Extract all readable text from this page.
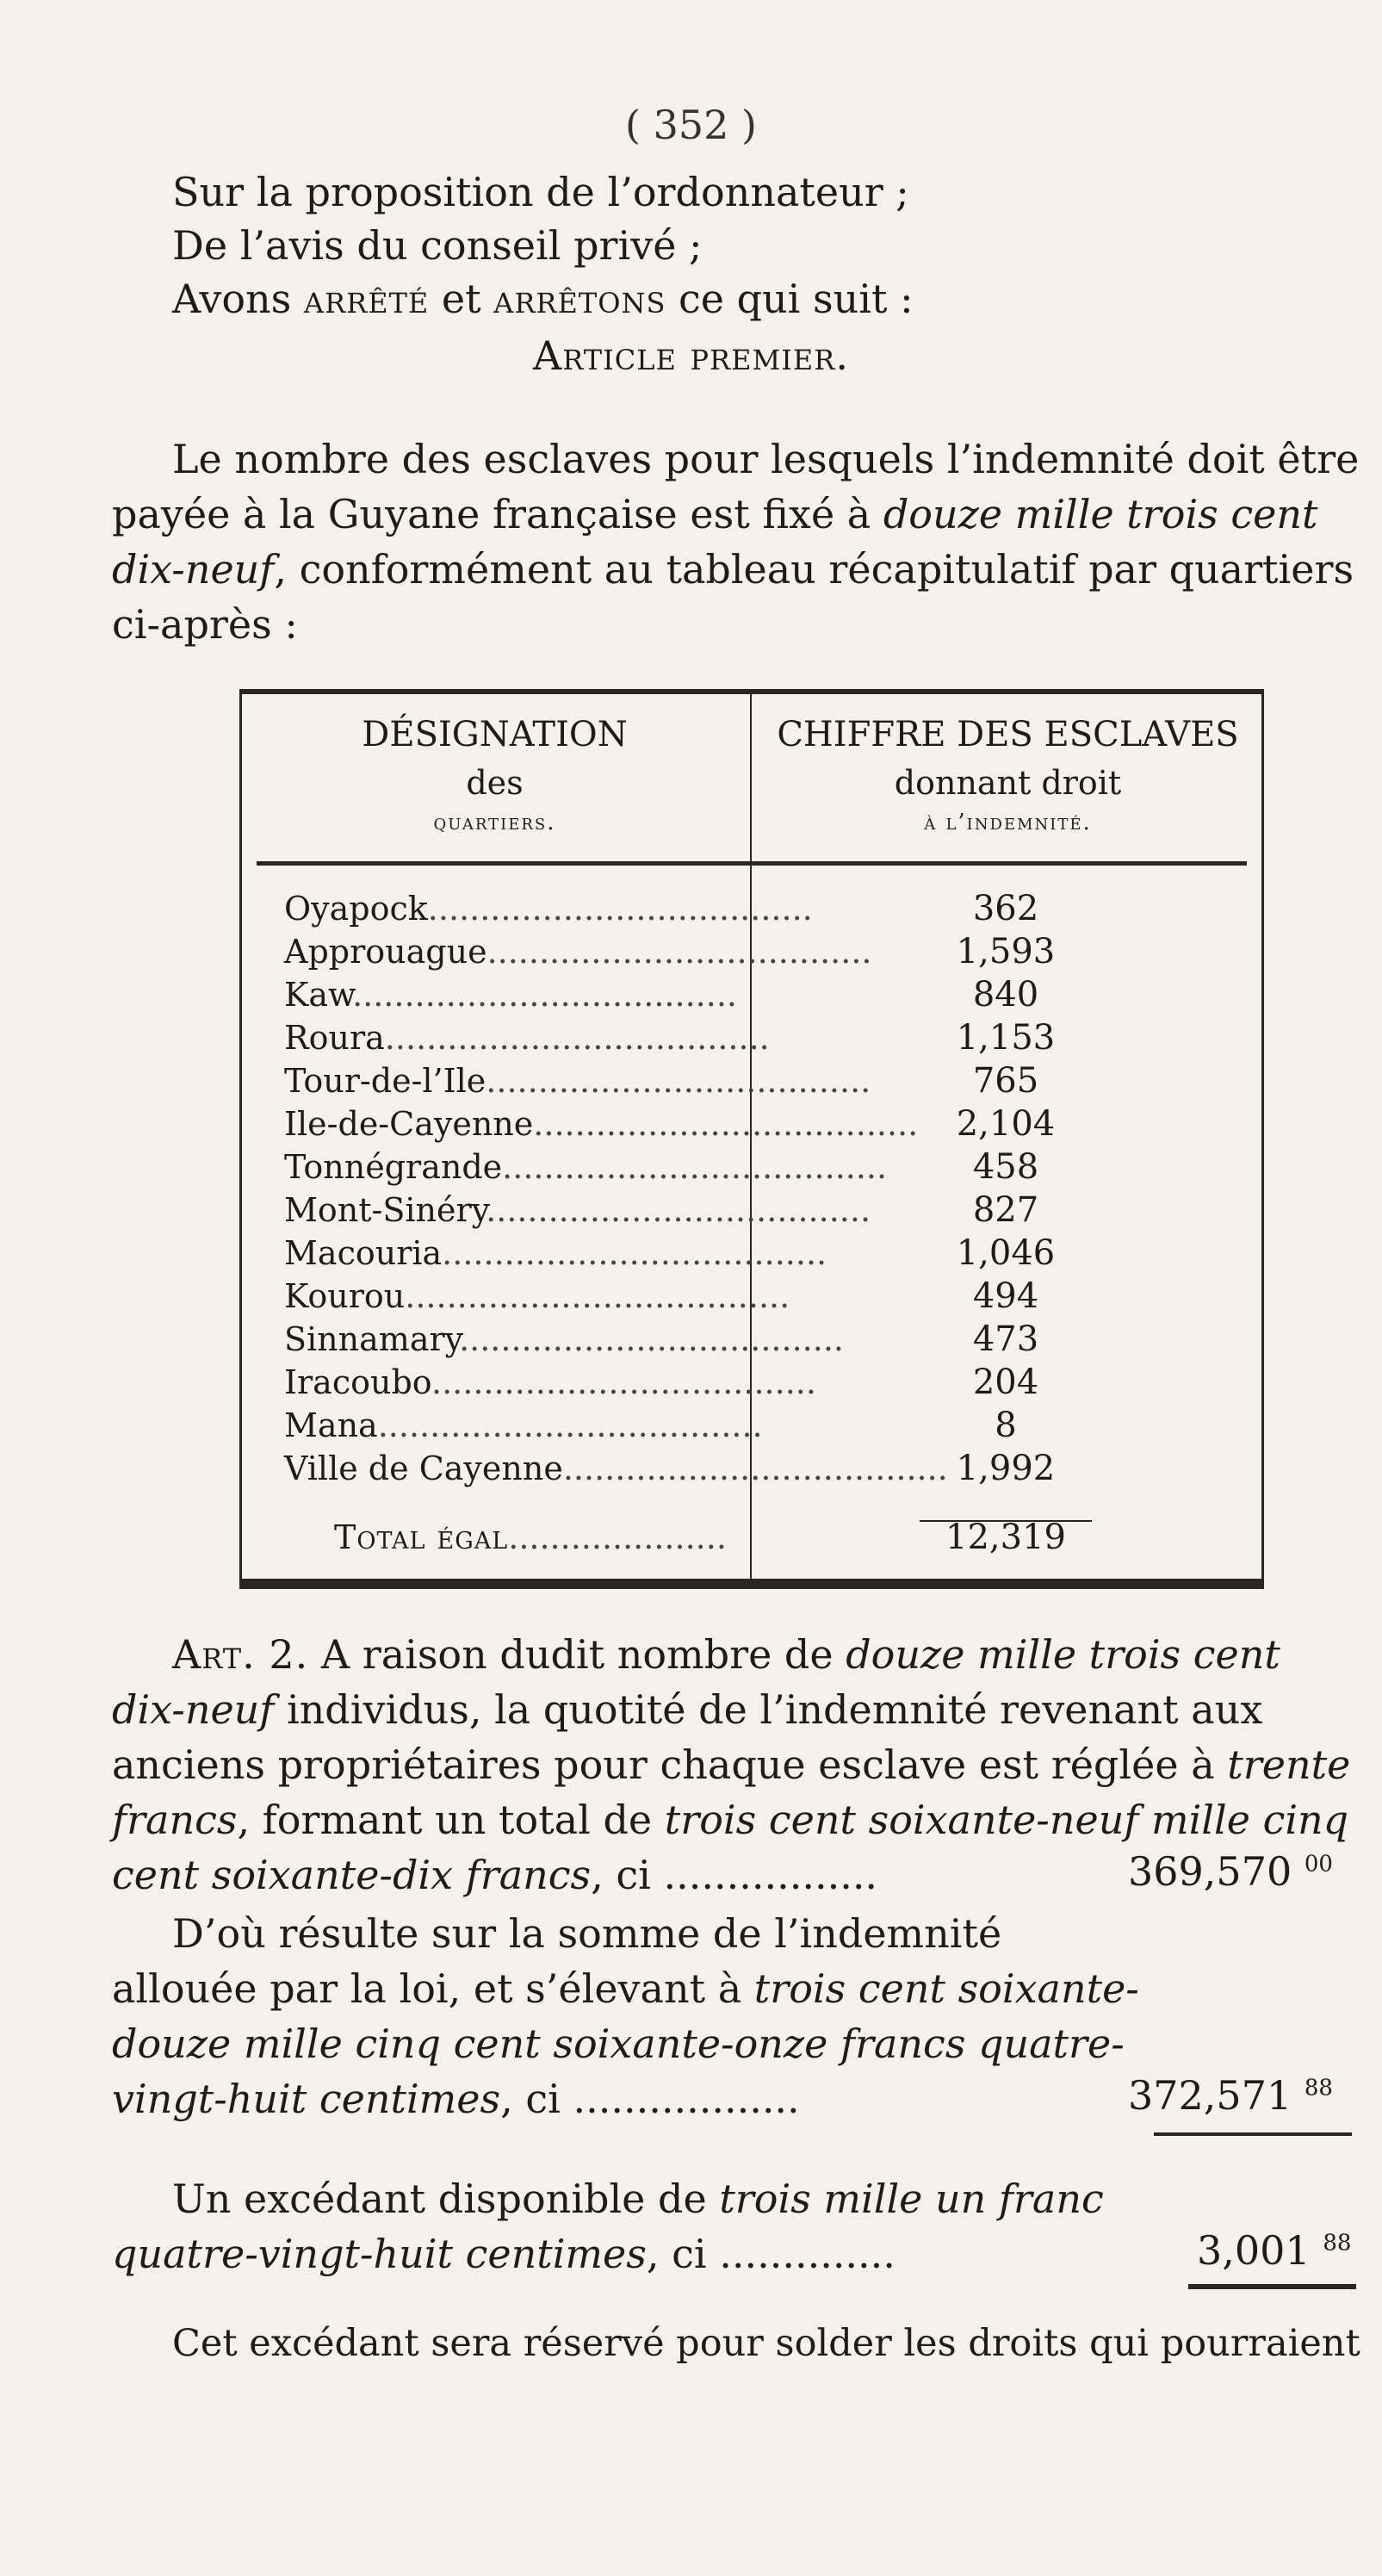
( 352 )
Sur la proposition de l’ordonnateur ;
De l’avis du conseil privé ;
Avons arrêté et arrêtons ce qui suit :
Article premier.
Le nombre des esclaves pour lesquels l’indemnité doit être
payée à la Guyane française est fixé à douze mille trois cent
dix-neuf, conformément au tableau récapitulatif par quartiers
ci-après :
DÉSIGNATION
des
quartiers.
CHIFFRE DES ESCLAVES
donnant droit
à l’indemnité.
Oyapock.....................................	362
Approuague.....................................	1,593
Kaw.....................................	840
Roura.....................................	1,153
Tour-de-l’Ile.....................................	765
Ile-de-Cayenne.....................................	2,104
Tonnégrande.....................................	458
Mont-Sinéry.....................................	827
Macouria.....................................	1,046
Kourou.....................................	494
Sinnamary.....................................	473
Iracoubo.....................................	204
Mana.....................................	8
Ville de Cayenne..................................... 1,992
Total égal.....................	12,319
Art. 2. A raison dudit nombre de douze mille trois cent
dix-neuf individus, la quotité de l’indemnité revenant aux
anciens propriétaires pour chaque esclave est réglée à trente
francs, formant un total de trois cent soixante-neuf mille cinq
cent soixante-dix francs, ci .................	369,570 $^{00}$
D’où résulte sur la somme de l’indemnité
allouée par la loi, et s’élevant à trois cent soixante-
douze mille cinq cent soixante-onze francs quatre-
vingt-huit centimes, ci ..................	372,571 $^{88}$
Un excédant disponible de trois mille un franc
quatre-vingt-huit centimes, ci ..............	3,001 $^{88}$
Cet excédant sera réservé pour solder les droits qui pourraient
